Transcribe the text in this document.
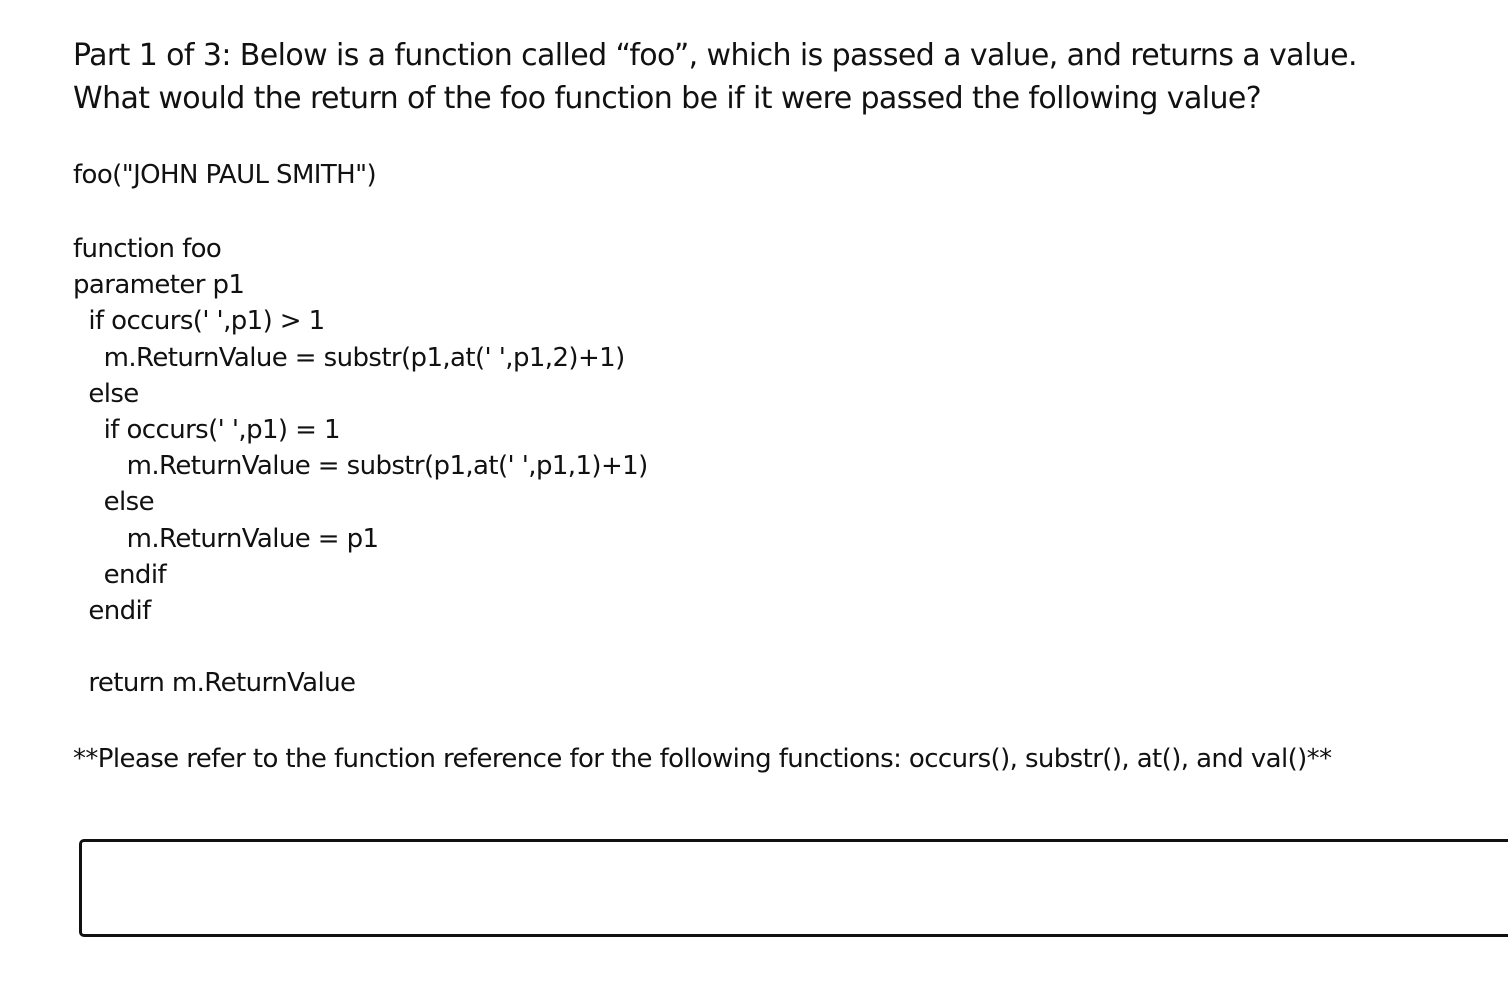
Part 1 of 3: Below is a function called “foo”, which is passed a value, and returns a value.
What would the return of the foo function be if it were passed the following value?
foo("JOHN PAUL SMITH")
function foo
parameter p1
if occurs(' ',p1) > 1
m.ReturnValue = substr(p1,at(' ',p1,2)+1)
else
if occurs(' ',p1) = 1
m.ReturnValue = substr(p1,at(' ',p1,1)+1)
else
m.ReturnValue = p1
endif
endif
return m.ReturnValue
**Please refer to the function reference for the following functions: occurs(), substr(), at(), and val()**
